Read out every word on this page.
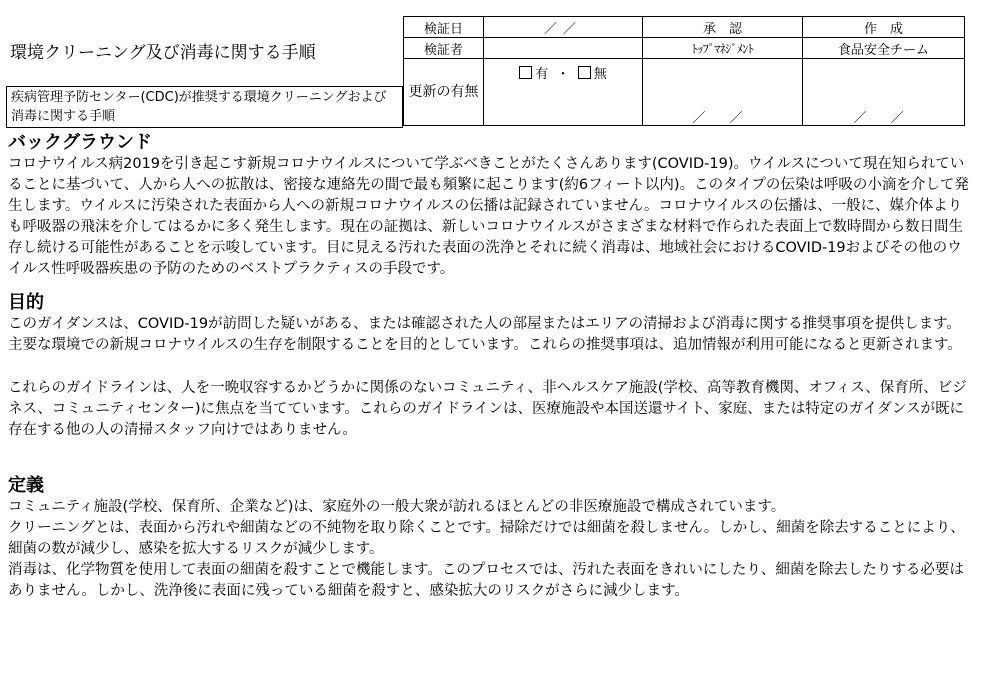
環境クリーニング及び消毒に関する手順
疾病管理予防センター(CDC)が推奨する環境クリーニングおよび消毒に関する手順
検証日	／／	承　認	作　成
検証者		ﾄｯﾌﾟﾏﾈｼﾞﾒﾝﾄ	食品安全チーム

更新の有無	有 ・ 無	／ ／	／ ／
バックグラウンド

コロナウイルス病2019を引き起こす新規コロナウイルスについて学ぶべきことがたくさんあります(COVID-19)。ウイルスについて現在知られていることに基づいて、人から人への拡散は、密接な連絡先の間で最も頻繁に起こります(約6フィート以内)。このタイプの伝染は呼吸の小滴を介して発生します。ウイルスに汚染された表面から人への新規コロナウイルスの伝播は記録されていません。コロナウイルスの伝播は、一般に、媒介体よりも呼吸器の飛沫を介してはるかに多く発生します。現在の証拠は、新しいコロナウイルスがさまざまな材料で作られた表面上で数時間から数日間生存し続ける可能性があることを示唆しています。目に見える汚れた表面の洗浄とそれに続く消毒は、地域社会におけるCOVID-19およびその他のウイルス性呼吸器疾患の予防のためのベストプラクティスの手段です。

目的

このガイダンスは、COVID-19が訪問した疑いがある、または確認された人の部屋またはエリアの清掃および消毒に関する推奨事項を提供します。主要な環境での新規コロナウイルスの生存を制限することを目的としています。これらの推奨事項は、追加情報が利用可能になると更新されます。

これらのガイドラインは、人を一晩収容するかどうかに関係のないコミュニティ、非ヘルスケア施設(学校、高等教育機関、オフィス、保育所、ビジネス、コミュニティセンター)に焦点を当てています。これらのガイドラインは、医療施設や本国送還サイト、家庭、または特定のガイダンスが既に存在する他の人の清掃スタッフ向けではありません。

定義

コミュニティ施設(学校、保育所、企業など)は、家庭外の一般大衆が訪れるほとんどの非医療施設で構成されています。

クリーニングとは、表面から汚れや細菌などの不純物を取り除くことです。掃除だけでは細菌を殺しません。しかし、細菌を除去することにより、細菌の数が減少し、感染を拡大するリスクが減少します。

消毒は、化学物質を使用して表面の細菌を殺すことで機能します。このプロセスでは、汚れた表面をきれいにしたり、細菌を除去したりする必要はありません。しかし、洗浄後に表面に残っている細菌を殺すと、感染拡大のリスクがさらに減少します。
